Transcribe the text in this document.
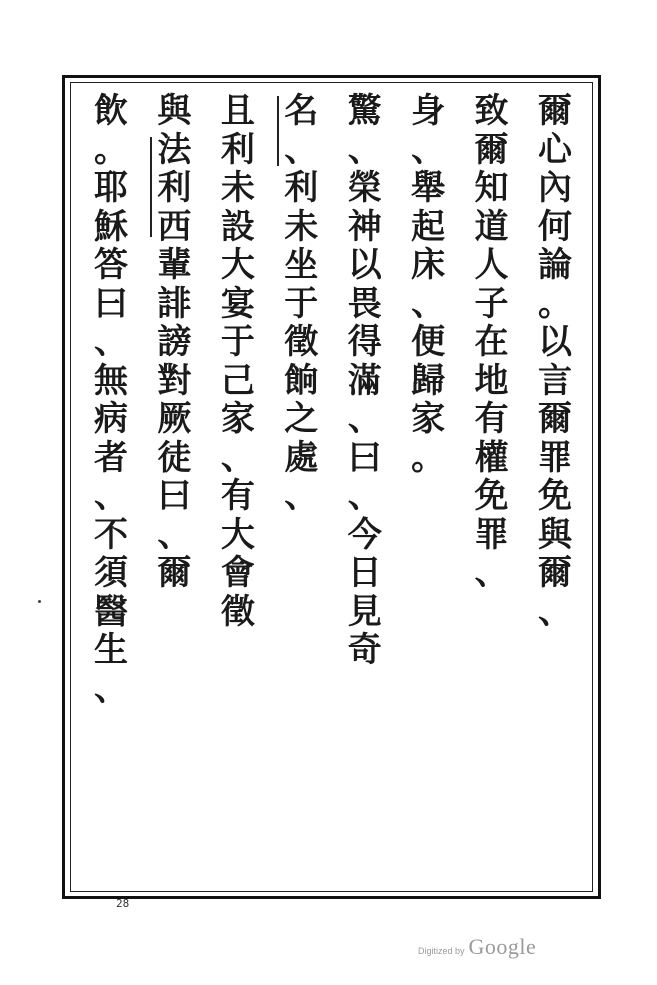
爾
心
內
何
論
。
以
言
爾
罪
免
與
爾
、
致
爾
知
道
人
子
在
地
有
權
免
罪
、
身
、
舉
起
床
、
便
歸
家
。
驚
、
榮
神
以
畏
得
滿
、
曰
、
今
日
見
奇
名
、
利
未
坐
于
徵
餉
之
處
、
且
利
未
設
大
宴
于
己
家
、
有
大
會
徵
與
法
利
西
輩
誹
謗
對
厥
徒
曰
、
爾
飲
。
耶
穌
答
曰
、
無
病
者
、
不
須
醫
生
、
28
Digitized by Google
